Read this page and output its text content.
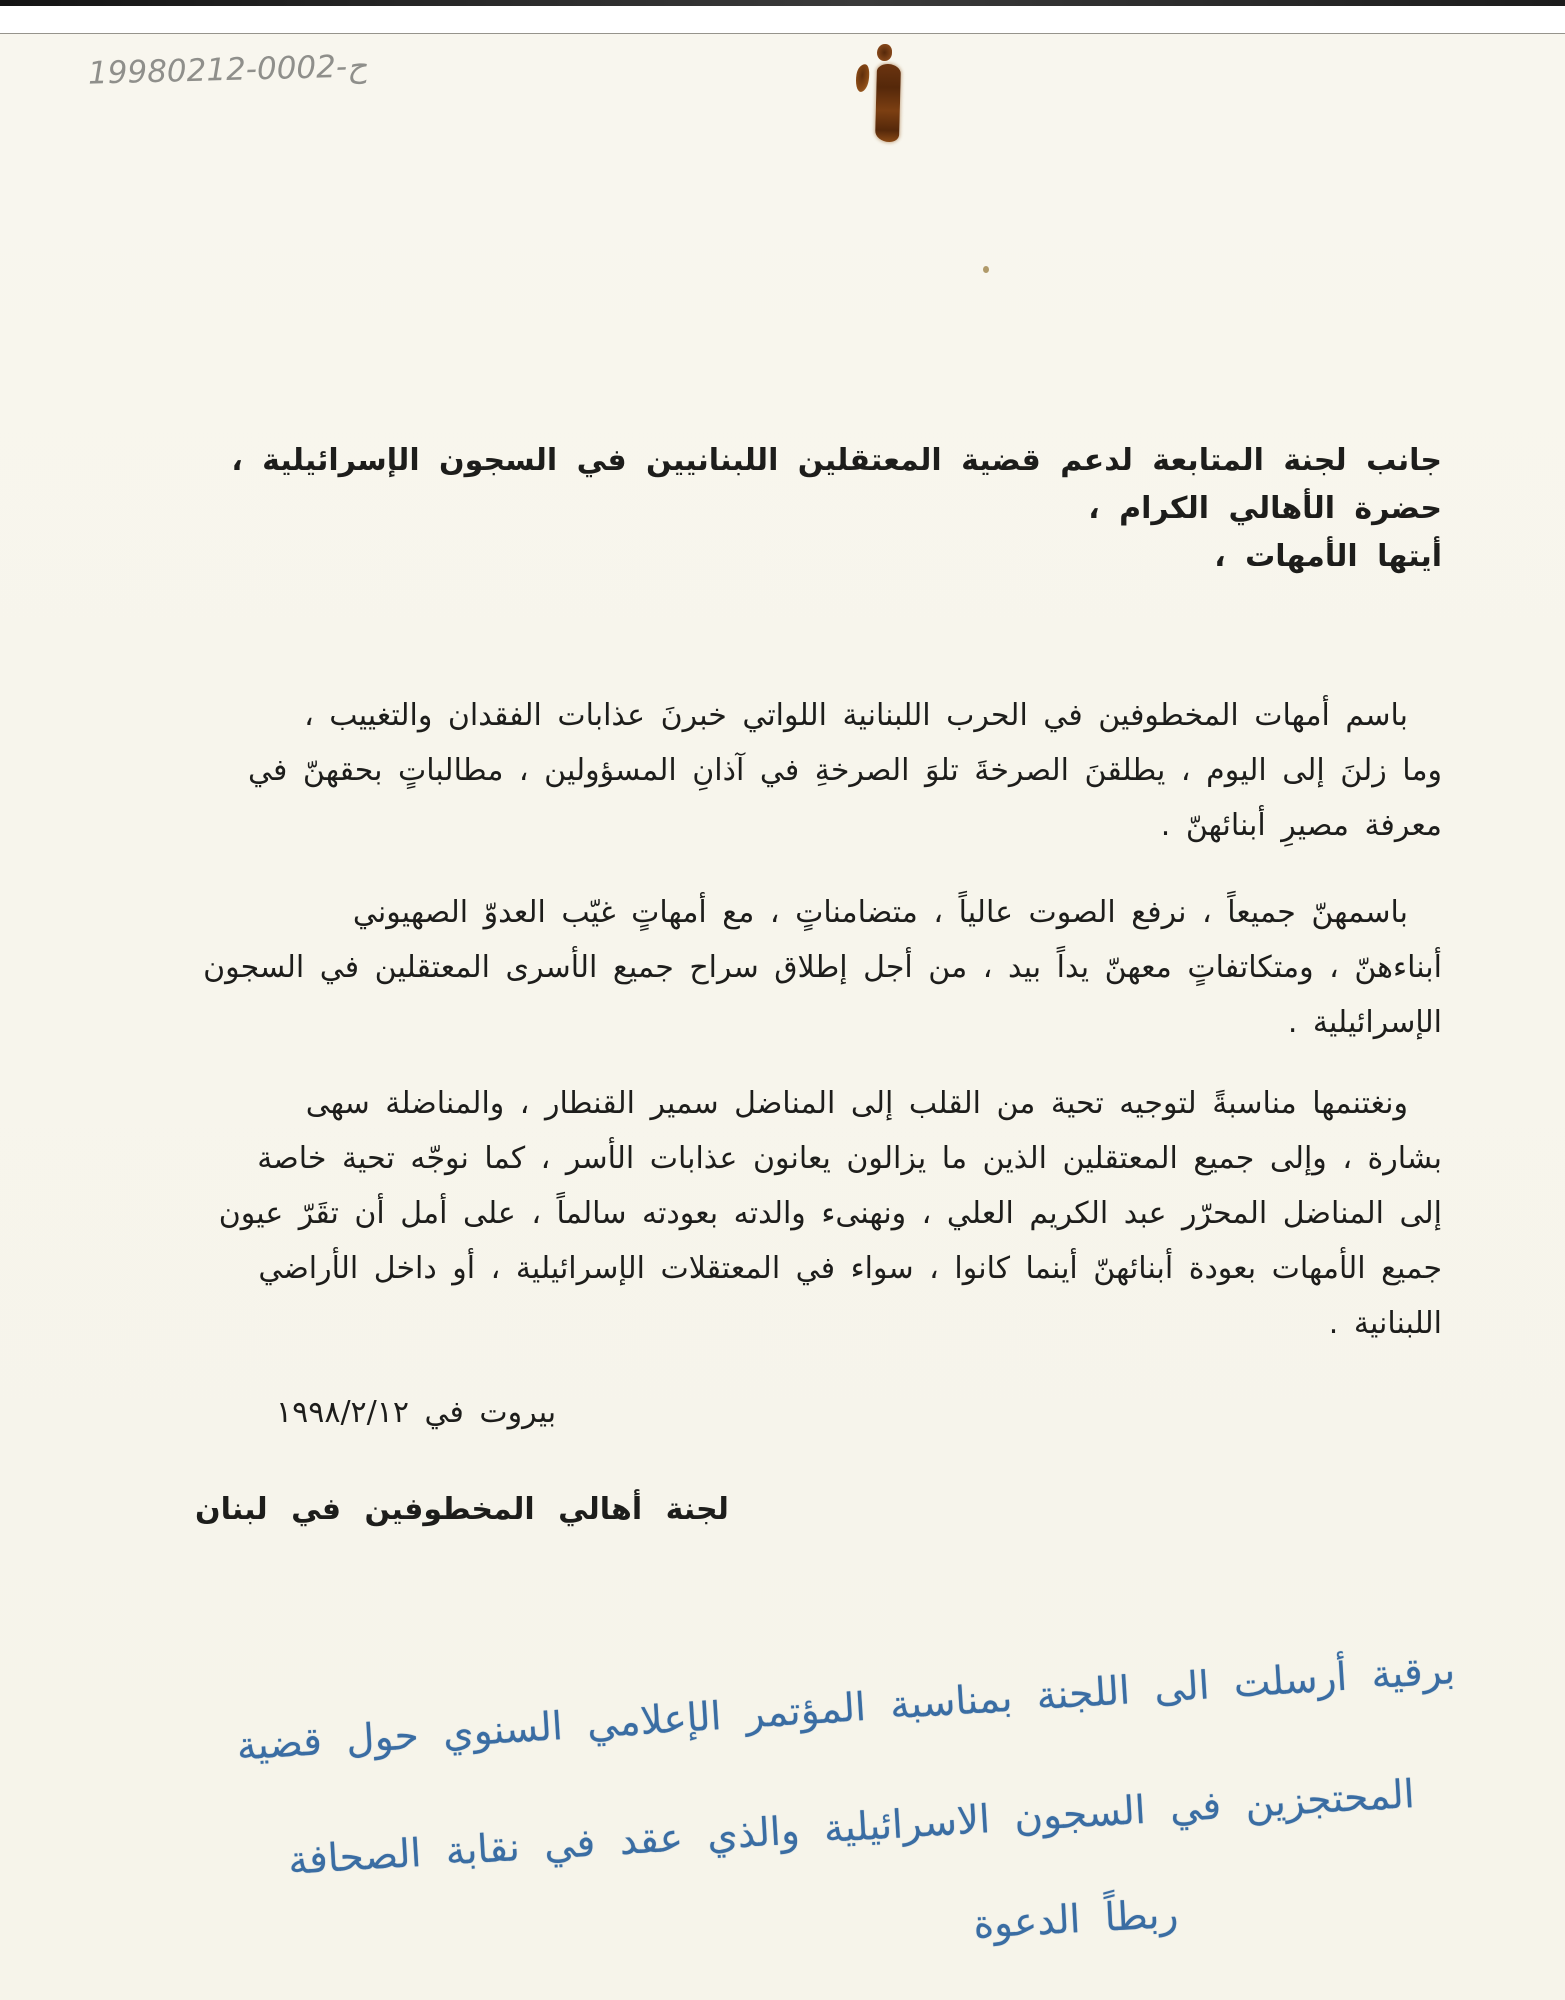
19980212-0002-ح
جانب لجنة المتابعة لدعم قضية المعتقلين اللبنانيين في السجون الإسرائيلية ،
حضرة الأهالي الكرام ،
أيتها الأمهات ،
باسم أمهات المخطوفين في الحرب اللبنانية اللواتي خبرنَ عذابات الفقدان والتغييب ،
وما زلنَ إلى اليوم ، يطلقنَ الصرخةَ تلوَ الصرخةِ في آذانِ المسؤولين ، مطالباتٍ بحقهنّ في
معرفة مصيرِ أبنائهنّ .
باسمهنّ جميعاً ، نرفع الصوت عالياً ، متضامناتٍ ، مع أمهاتٍ غيّب العدوّ الصهيوني
أبناءهنّ ، ومتكاتفاتٍ معهنّ يداً بيد ، من أجل إطلاق سراح جميع الأسرى المعتقلين في السجون
الإسرائيلية .
ونغتنمها مناسبةً لتوجيه تحية من القلب إلى المناضل سمير القنطار ، والمناضلة سهى
بشارة ، وإلى جميع المعتقلين الذين ما يزالون يعانون عذابات الأسر ، كما نوجّه تحية خاصة
إلى المناضل المحرّر عبد الكريم العلي ، ونهنىء والدته بعودته سالماً ، على أمل أن تقَرّ عيون
جميع الأمهات بعودة أبنائهنّ أينما كانوا ، سواء في المعتقلات الإسرائيلية ، أو داخل الأراضي
اللبنانية .
بيروت في ١٩٩٨/٢/١٢
لجنة أهالي المخطوفين في لبنان
برقية أرسلت الى اللجنة بمناسبة المؤتمر الإعلامي السنوي حول قضية
المحتجزين في السجون الاسرائيلية والذي عقد في نقابة الصحافة
ربطاً الدعوة
